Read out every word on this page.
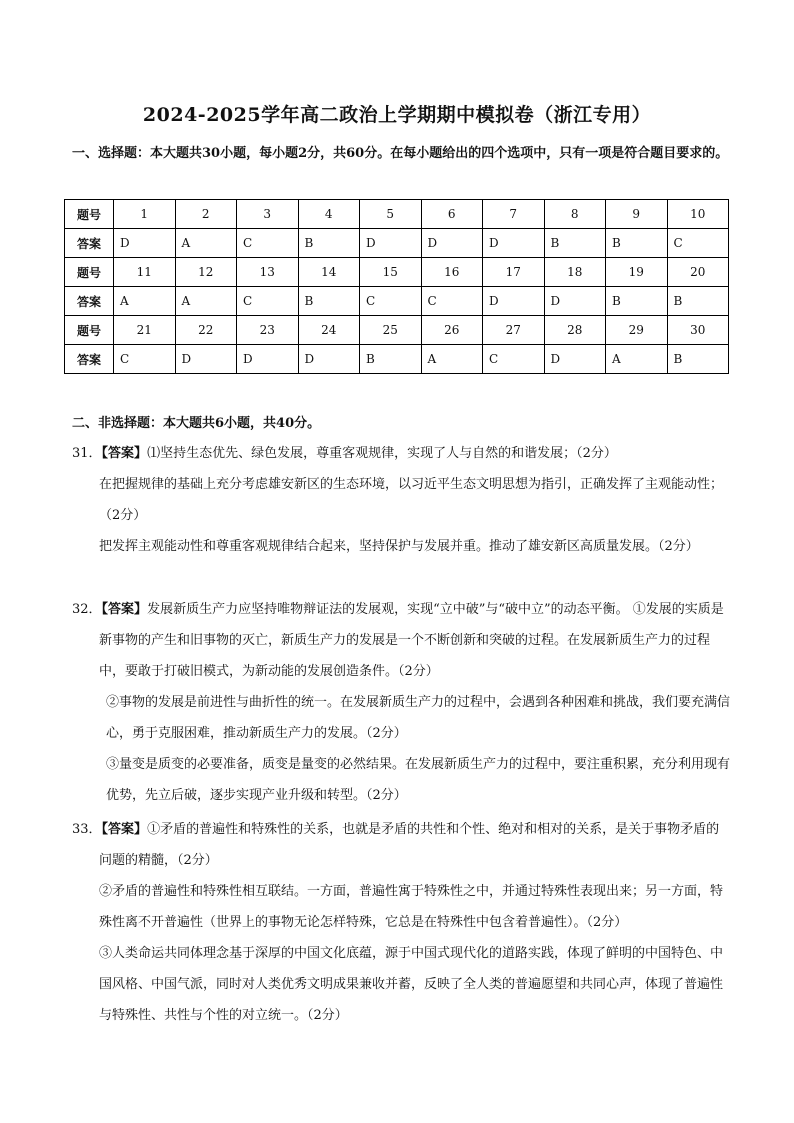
2024-2025学年高二政治上学期期中模拟卷（浙江专用）
一、选择题：本大题共30小题，每小题2分，共60分。在每小题给出的四个选项中，只有一项是符合题目要求的。
题号	1	2	3	4	5	6	7	8	9	10
答案	D	A	C	B	D	D	D	B	B	C
题号	11	12	13	14	15	16	17	18	19	20
答案	A	A	C	B	C	C	D	D	B	B
题号	21	22	23	24	25	26	27	28	29	30
答案	C	D	D	D	B	A	C	D	A	B
二、非选择题：本大题共6小题，共40分。

31．【答案】⑴坚持生态优先、绿色发展，尊重客观规律，实现了人与自然的和谐发展；（2分）

在把握规律的基础上充分考虑雄安新区的生态环境，以习近平生态文明思想为指引，正确发挥了主观能动性；（2分）

把发挥主观能动性和尊重客观规律结合起来，坚持保护与发展并重。推动了雄安新区高质量发展。（2分）

32．【答案】发展新质生产力应坚持唯物辩证法的发展观，实现“立中破”与“破中立”的动态平衡。 ①发展的实质是新事物的产生和旧事物的灭亡，新质生产力的发展是一个不断创新和突破的过程。在发展新质生产力的过程中，要敢于打破旧模式，为新动能的发展创造条件。（2分）

②事物的发展是前进性与曲折性的统一。在发展新质生产力的过程中，会遇到各种困难和挑战，我们要充满信心，勇于克服困难，推动新质生产力的发展。（2分）

③量变是质变的必要准备，质变是量变的必然结果。在发展新质生产力的过程中，要注重积累，充分利用现有优势，先立后破，逐步实现产业升级和转型。（2分）

33．【答案】①矛盾的普遍性和特殊性的关系，也就是矛盾的共性和个性、绝对和相对的关系，是关于事物矛盾的问题的精髓，（2分）

②矛盾的普遍性和特殊性相互联结。一方面，普遍性寓于特殊性之中，并通过特殊性表现出来；另一方面，特殊性离不开普遍性（世界上的事物无论怎样特殊，它总是在特殊性中包含着普遍性）。（2分）

③人类命运共同体理念基于深厚的中国文化底蕴，源于中国式现代化的道路实践，体现了鲜明的中国特色、中国风格、中国气派，同时对人类优秀文明成果兼收并蓄，反映了全人类的普遍愿望和共同心声，体现了普遍性与特殊性、共性与个性的对立统一。（2分）
